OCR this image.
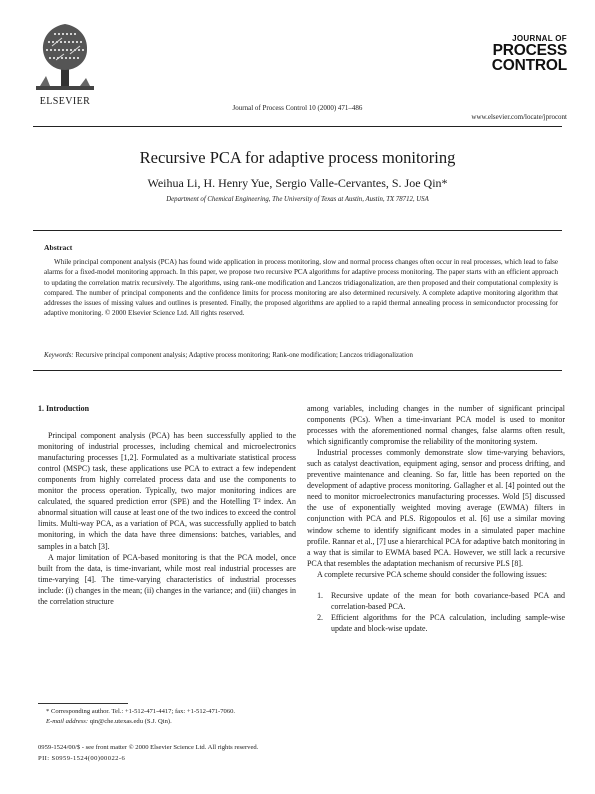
ELSEVIER
Journal of Process Control 10 (2000) 471–486
JOURNAL OF
PROCESS
CONTROL
www.elsevier.com/locate/jprocont
Recursive PCA for adaptive process monitoring
Weihua Li, H. Henry Yue, Sergio Valle-Cervantes, S. Joe Qin*
Department of Chemical Engineering, The University of Texas at Austin, Austin, TX 78712, USA
Abstract

While principal component analysis (PCA) has found wide application in process monitoring, slow and normal process changes often occur in real processes, which lead to false alarms for a fixed-model monitoring approach. In this paper, we propose two recursive PCA algorithms for adaptive process monitoring. The paper starts with an efficient approach to updating the correlation matrix recursively. The algorithms, using rank-one modification and Lanczos tridiagonalization, are then proposed and their computational complexity is compared. The number of principal components and the confidence limits for process monitoring are also determined recursively. A complete adaptive monitoring algorithm that addresses the issues of missing values and outlines is presented. Finally, the proposed algorithms are applied to a rapid thermal annealing process in semiconductor processing for adaptive monitoring. © 2000 Elsevier Science Ltd. All rights reserved.

Keywords: Recursive principal component analysis; Adaptive process monitoring; Rank-one modification; Lanczos tridiagonalization
1. Introduction

Principal component analysis (PCA) has been successfully applied to the monitoring of industrial processes, including chemical and microelectronics manufacturing processes [1,2]. Formulated as a multivariate statistical process control (MSPC) task, these applications use PCA to extract a few independent components from highly correlated process data and use the components to monitor the process operation. Typically, two major monitoring indices are calculated, the squared prediction error (SPE) and the Hotelling T² index. An abnormal situation will cause at least one of the two indices to exceed the control limits. Multi-way PCA, as a variation of PCA, was successfully applied to batch monitoring, in which the data have three dimensions: batches, variables, and samples in a batch [3].

A major limitation of PCA-based monitoring is that the PCA model, once built from the data, is time-invariant, while most real industrial processes are time-varying [4]. The time-varying characteristics of industrial processes include: (i) changes in the mean; (ii) changes in the variance; and (iii) changes in the correlation structure

among variables, including changes in the number of significant principal components (PCs). When a time-invariant PCA model is used to monitor processes with the aforementioned normal changes, false alarms often result, which significantly compromise the reliability of the monitoring system.

Industrial processes commonly demonstrate slow time-varying behaviors, such as catalyst deactivation, equipment aging, sensor and process drifting, and preventive maintenance and cleaning. So far, little has been reported on the development of adaptive process monitoring. Gallagher et al. [4] pointed out the need to monitor microelectronics manufacturing processes. Wold [5] discussed the use of exponentially weighted moving average (EWMA) filters in conjunction with PCA and PLS. Rigopoulos et al. [6] use a similar moving window scheme to identify significant modes in a simulated paper machine profile. Rannar et al., [7] use a hierarchical PCA for adaptive batch monitoring in a way that is similar to EWMA based PCA. However, we still lack a recursive PCA that resembles the adaptation mechanism of recursive PLS [8].

A complete recursive PCA scheme should consider the following issues:

1. Recursive update of the mean for both covariance-based PCA and correlation-based PCA.
2. Efficient algorithms for the PCA calculation, including sample-wise update and block-wise update.
* Corresponding author. Tel.: +1-512-471-4417; fax: +1-512-471-7060.
E-mail address: qin@che.utexas.edu (S.J. Qin).
0959-1524/00/$ - see front matter © 2000 Elsevier Science Ltd. All rights reserved.
PII: S0959-1524(00)00022-6
